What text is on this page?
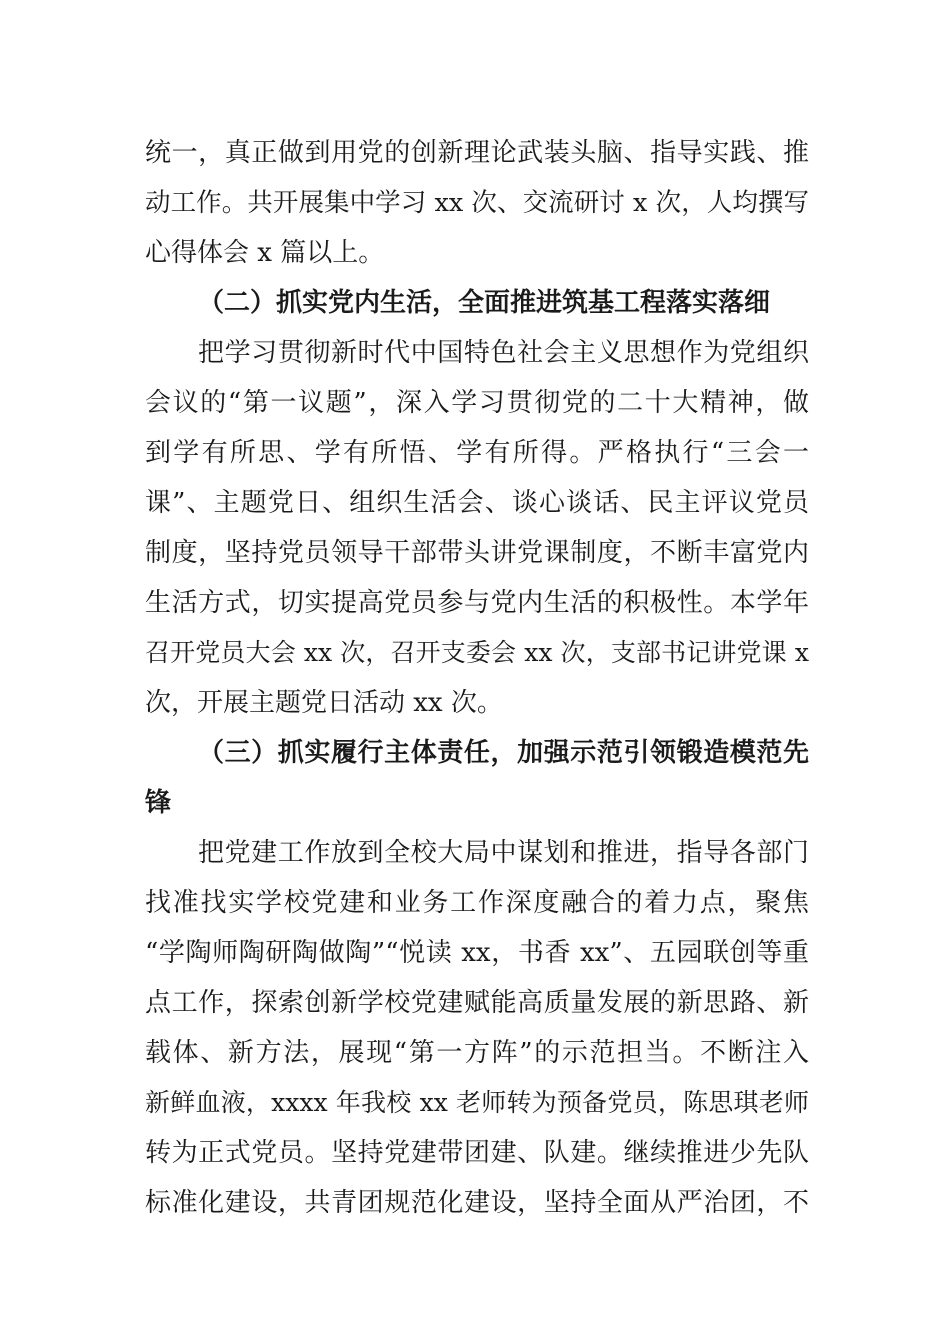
统一，真正做到用党的创新理论武装头脑、指导实践、推
动工作。共开展集中学习 xx 次、交流研讨 x 次，人均撰写
心得体会 x 篇以上。
（二）抓实党内生活，全面推进筑基工程落实落细
把学习贯彻新时代中国特色社会主义思想作为党组织
会议的“第一议题”，深入学习贯彻党的二十大精神，做
到学有所思、学有所悟、学有所得。严格执行“三会一
课”、主题党日、组织生活会、谈心谈话、民主评议党员
制度，坚持党员领导干部带头讲党课制度，不断丰富党内
生活方式，切实提高党员参与党内生活的积极性。本学年
召开党员大会 xx 次，召开支委会 xx 次，支部书记讲党课 x
次，开展主题党日活动 xx 次。
（三）抓实履行主体责任，加强示范引领锻造模范先
锋
把党建工作放到全校大局中谋划和推进，指导各部门
找准找实学校党建和业务工作深度融合的着力点，聚焦
“学陶师陶研陶做陶”“悦读 xx，书香 xx”、五园联创等重
点工作，探索创新学校党建赋能高质量发展的新思路、新
载体、新方法，展现“第一方阵”的示范担当。不断注入
新鲜血液，xxxx 年我校 xx 老师转为预备党员，陈思琪老师
转为正式党员。坚持党建带团建、队建。继续推进少先队
标准化建设，共青团规范化建设，坚持全面从严治团，不
